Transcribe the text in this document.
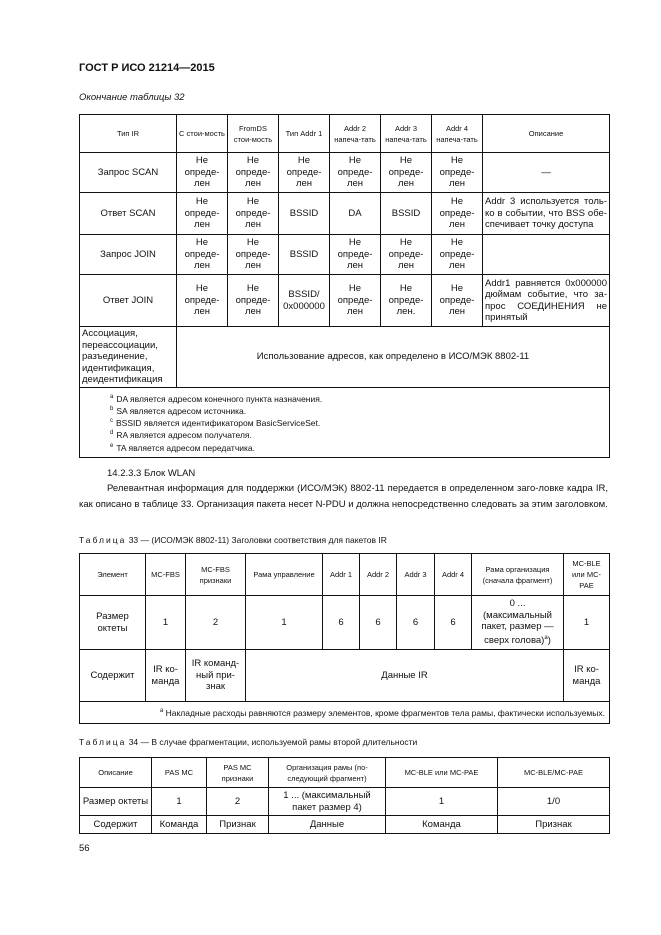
ГОСТ Р ИСО 21214—2015
Окончание таблицы 32
Тип IR	С стои-мость	FromDS стои-мость	Тип Addr 1	Addr 2 напеча-тать	Addr 3 напеча-тать	Addr 4 напеча-тать	Описание
Запрос SCAN	Не опреде-лен	Не опреде-лен	Не опреде-лен	Не опреде-лен	Не опреде-лен	Не опреде-лен	—
Ответ SCAN	Не опреде-лен	Не опреде-лен	BSSID	DA	BSSID	Не опреде-лен	Addr 3 используется толь-ко в событии, что BSS обе-спечивает точку доступа
Запрос JOIN	Не опреде-лен	Не опреде-лен	BSSID	Не опреде-лен	Не опреде-лен	Не опреде-лен	
Ответ JOIN	Не опреде-лен	Не опреде-лен	BSSID/ 0x000000	Не опреде-лен	Не опреде-лен.	Не опреде-лен	Addr1 равняется 0x000000 дюймам событие, что за-прос СОЕДИНЕНИЯ не принятый
Ассоциация, переассоциации, разъединение, идентификация, деидентификация	Использование адресов, как определено в ИСО/МЭК 8802-11						

$^a$ DA является адресом конечного пункта назначения.
$^b$ SA является адресом источника.
$^c$ BSSID является идентификатором BasicServiceSet.
$^d$ RA является адресом получателя.
$^e$ TA является адресом передатчика.							
14.2.3.3 Блок WLAN
Релевантная информация для поддержки (ИСО/МЭК) 8802-11 передается в определенном заго-ловке кадра IR, как описано в таблице 33. Организация пакета несет N-PDU и должна непосредственно следовать за этим заголовком.
Таблица 33 — (ИСО/МЭК 8802-11) Заголовки соответствия для пакетов IR
Элемент	MC-FBS	MC-FBS признаки	Рама управление	Addr 1	Addr 2	Addr 3	Addr 4	Рама организация (сначала фрагмент)	MC-BLE или MC-PAE
Размер октеты	1	2	1	6	6	6	6	0 ... (максимальный пакет, размер — сверх голова)$^a$)	1
Содержит	IR ко-манда	IR команд-ный при-знак	Данные IR						IR ко-манда
$^a$ Накладные расходы равняются размеру элементов, кроме фрагментов тела рамы, фактически используемых.									
Таблица 34 — В случае фрагментации, используемой рамы второй длительности
Описание	PAS MC	PAS MC признаки	Организация рамы (по-следующий фрагмент)	MC-BLE или MC-PAE	MC-BLE/MC-PAE
Размер октеты	1	2	1 ... (максимальный пакет размер 4)	1	1/0
Содержит	Команда	Признак	Данные	Команда	Признак
56
